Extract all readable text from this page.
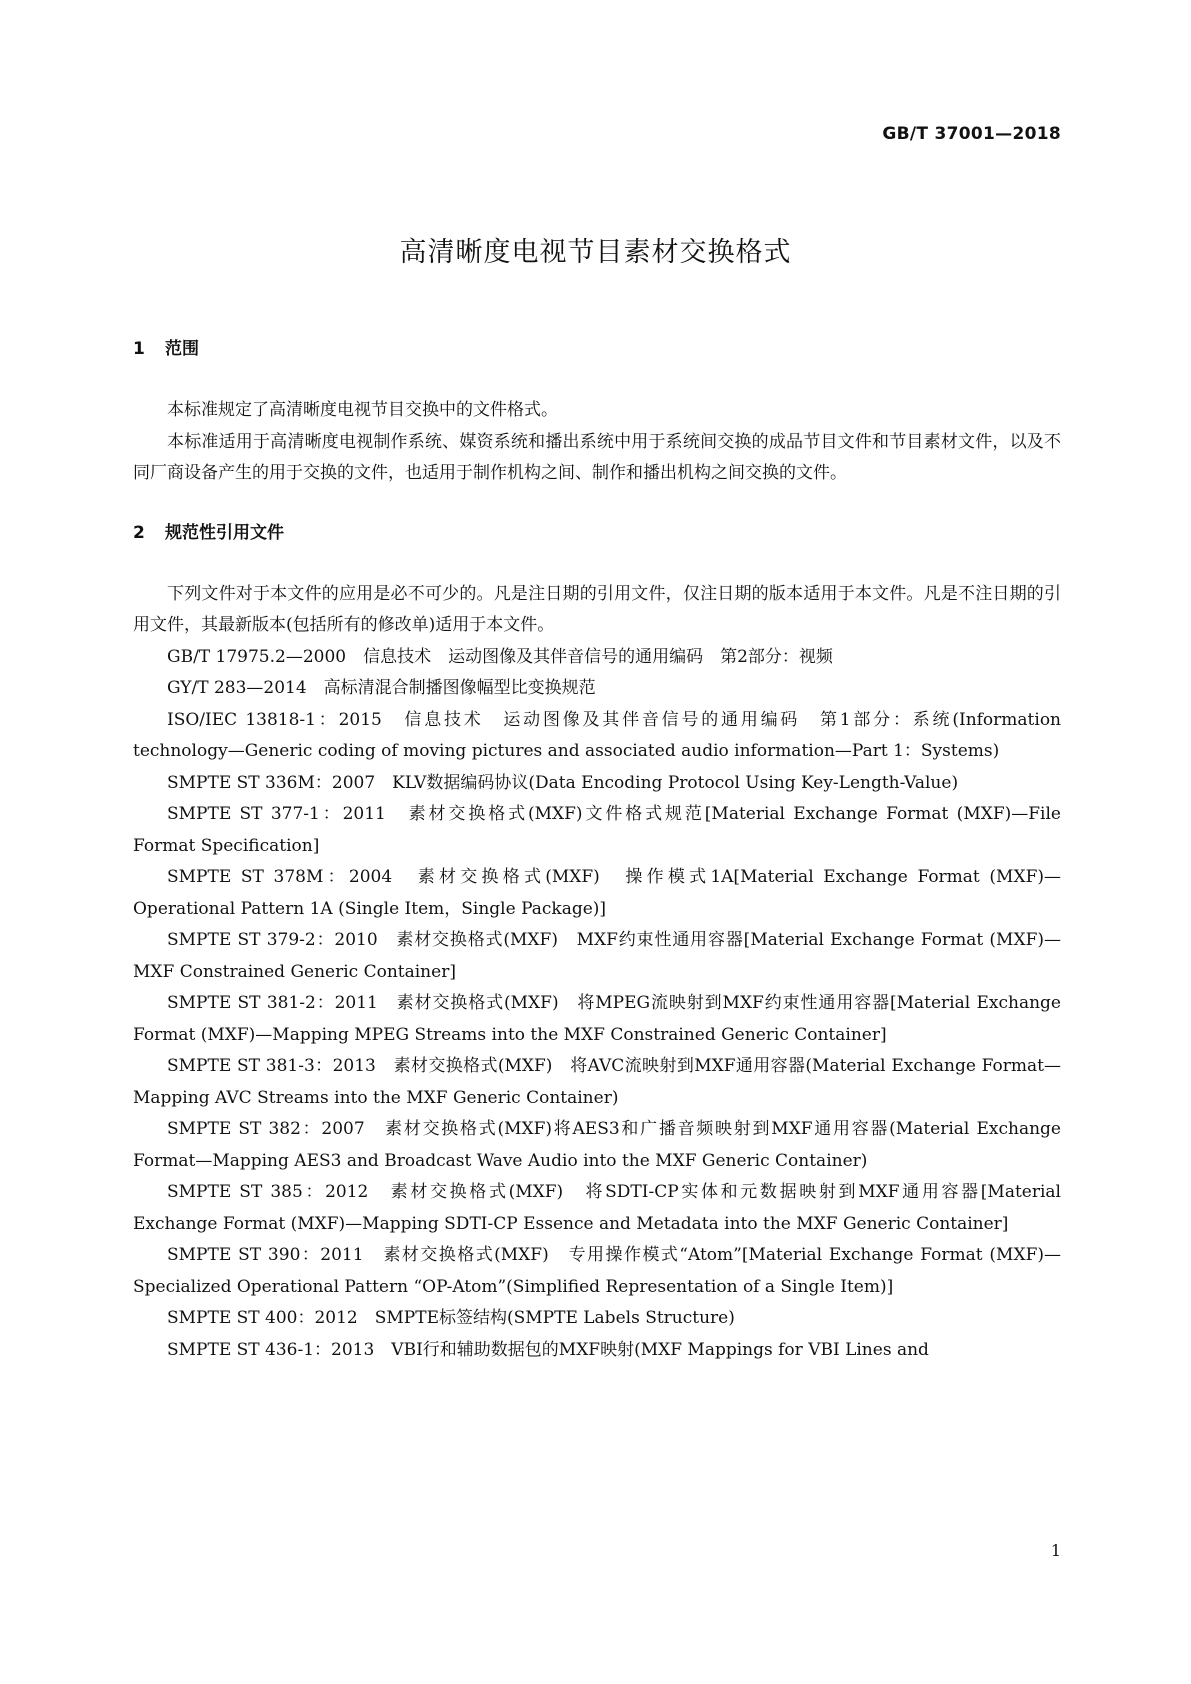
GB/T 37001—2018
高清晰度电视节目素材交换格式
1 范围

本标准规定了高清晰度电视节目交换中的文件格式。

本标准适用于高清晰度电视制作系统、媒资系统和播出系统中用于系统间交换的成品节目文件和节目素材文件，以及不同厂商设备产生的用于交换的文件，也适用于制作机构之间、制作和播出机构之间交换的文件。

2 规范性引用文件

下列文件对于本文件的应用是必不可少的。凡是注日期的引用文件，仅注日期的版本适用于本文件。凡是不注日期的引用文件，其最新版本(包括所有的修改单)适用于本文件。

GB/T 17975.2—2000　信息技术　运动图像及其伴音信号的通用编码　第2部分：视频

GY/T 283—2014　高标清混合制播图像幅型比变换规范

ISO/IEC 13818-1：2015　信息技术　运动图像及其伴音信号的通用编码　第1部分：系统(Information technology—Generic coding of moving pictures and associated audio information—Part 1：Systems)

SMPTE ST 336M：2007　KLV数据编码协议(Data Encoding Protocol Using Key-Length-Value)

SMPTE ST 377-1：2011　素材交换格式(MXF)文件格式规范[Material Exchange Format (MXF)—File Format Specification]

SMPTE ST 378M：2004　素材交换格式(MXF)　操作模式1A[Material Exchange Format (MXF)—Operational Pattern 1A (Single Item，Single Package)]

SMPTE ST 379-2：2010　素材交换格式(MXF)　MXF约束性通用容器[Material Exchange Format (MXF)—MXF Constrained Generic Container]

SMPTE ST 381-2：2011　素材交换格式(MXF)　将MPEG流映射到MXF约束性通用容器[Material Exchange Format (MXF)—Mapping MPEG Streams into the MXF Constrained Generic Container]

SMPTE ST 381-3：2013　素材交换格式(MXF)　将AVC流映射到MXF通用容器(Material Exchange Format—Mapping AVC Streams into the MXF Generic Container)

SMPTE ST 382：2007　素材交换格式(MXF)将AES3和广播音频映射到MXF通用容器(Material Exchange Format—Mapping AES3 and Broadcast Wave Audio into the MXF Generic Container)

SMPTE ST 385：2012　素材交换格式(MXF)　将SDTI-CP实体和元数据映射到MXF通用容器[Material Exchange Format (MXF)—Mapping SDTI-CP Essence and Metadata into the MXF Generic Container]

SMPTE ST 390：2011　素材交换格式(MXF)　专用操作模式“Atom”[Material Exchange Format (MXF)—Specialized Operational Pattern “OP-Atom”(Simplified Representation of a Single Item)]

SMPTE ST 400：2012　SMPTE标签结构(SMPTE Labels Structure)

SMPTE ST 436-1：2013　VBI行和辅助数据包的MXF映射(MXF Mappings for VBI Lines and

1
